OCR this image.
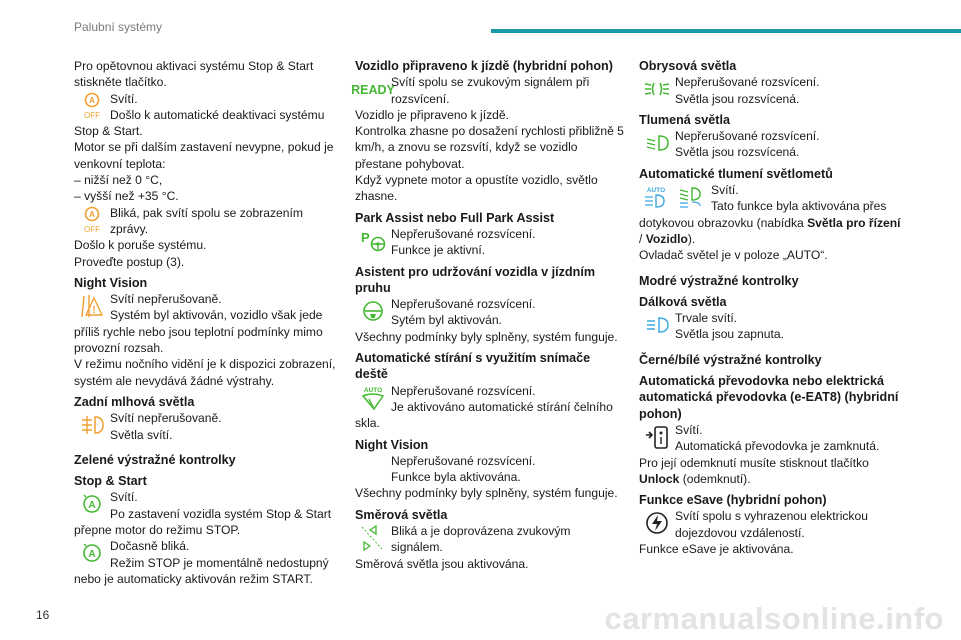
Palubní systémy

Pro opětovnou aktivaci systému Stop & Start stiskněte tlačítko.

A
OFF
Svítí.
Došlo k automatické deaktivaci systému

Stop & Start.
Motor se při dalším zastavení nevypne, pokud je venkovní teplota:
– nižší než 0 °C,
– vyšší než +35 °C.

A
OFF
Bliká, pak svítí spolu se zobrazením
zprávy.

Došlo k poruše systému.
Proveďte postup (3).

Night Vision
!
Svítí nepřerušovaně.
Systém byl aktivován, vozidlo však jede

příliš rychle nebo jsou teplotní podmínky mimo provozní rozsah.
V režimu nočního vidění je k dispozici zobrazení, systém ale nevydává žádné výstrahy.

Zadní mlhová světla
Svítí nepřerušovaně.
Světla svítí.
Zelené výstražné kontrolky
Stop & Start
A
Svítí.
Po zastavení vozidla systém Stop & Start

přepne motor do režimu STOP.

A
Dočasně bliká.
Režim STOP je momentálně nedostupný

nebo je automaticky aktivován režim START.

Vozidlo připraveno k jízdě (hybridní pohon)
READY
Svítí spolu se zvukovým signálem při
rozsvícení.

Vozidlo je připraveno k jízdě.
Kontrolka zhasne po dosažení rychlosti přibližně 5 km/h, a znovu se rozsvítí, když se vozidlo přestane pohybovat.
Když vypnete motor a opustíte vozidlo, světlo zhasne.

Park Assist nebo Full Park Assist
P Nepřerušované rozsvícení.
Funkce je aktivní.
Asistent pro udržování vozidla v jízdním pruhu
Nepřerušované rozsvícení.
Sytém byl aktivován.

Všechny podmínky byly splněny, systém funguje.

Automatické stírání s využitím snímače deště
AUTO Nepřerušované rozsvícení.
Je aktivováno automatické stírání čelního

skla.

Night Vision
Nepřerušované rozsvícení.
Funkce byla aktivována.

Všechny podmínky byly splněny, systém funguje.

Směrová světla
Bliká a je doprovázena zvukovým
signálem.

Směrová světla jsou aktivována.

Obrysová světla
Nepřerušované rozsvícení.
Světla jsou rozsvícená.
Tlumená světla
Nepřerušované rozsvícení.
Světla jsou rozsvícená.
Automatické tlumení světlometů
AUTO	Svítí.
Tato funkce byla aktivována přes

dotykovou obrazovku (nabídka Světla pro řízení
/ Vozidlo).
Ovladač světel je v poloze „AUTO“.

Modré výstražné kontrolky
Dálková světla
Trvale svítí.
Světla jsou zapnuta.
Černé/bílé výstražné kontrolky
Automatická převodovka nebo elektrická automatická převodovka (e-EAT8) (hybridní pohon)
Svítí.
Automatická převodovka je zamknutá.

Pro její odemknutí musíte stisknout tlačítko
Unlock (odemknutí).

Funkce eSave (hybridní pohon)
Svítí spolu s vyhrazenou elektrickou
dojezdovou vzdáleností.

Funkce eSave je aktivována.

16	carmanualsonline.info
